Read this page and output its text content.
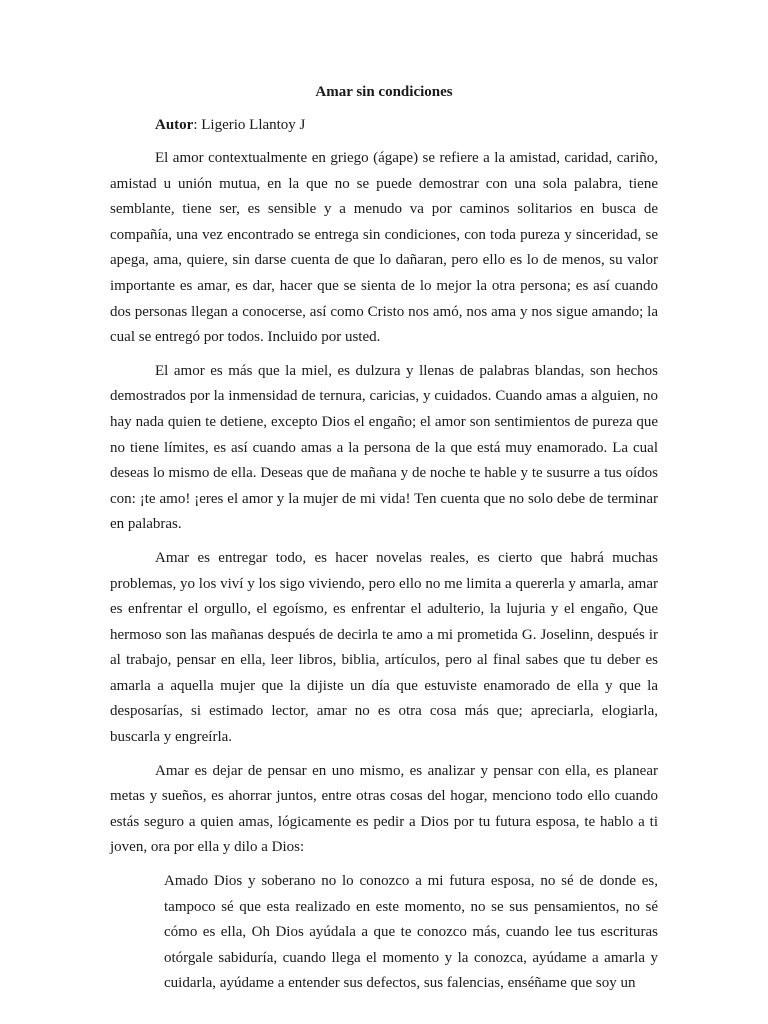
Amar sin condiciones

Autor: Ligerio Llantoy J

El amor contextualmente en griego (ágape) se refiere a la amistad, caridad, cariño, amistad u unión mutua, en la que no se puede demostrar con una sola palabra, tiene semblante, tiene ser, es sensible y a menudo va por caminos solitarios en busca de compañía, una vez encontrado se entrega sin condiciones, con toda pureza y sinceridad, se apega, ama, quiere, sin darse cuenta de que lo dañaran, pero ello es lo de menos, su valor importante es amar, es dar, hacer que se sienta de lo mejor la otra persona; es así cuando dos personas llegan a conocerse, así como Cristo nos amó, nos ama y nos sigue amando; la cual se entregó por todos. Incluido por usted.

El amor es más que la miel, es dulzura y llenas de palabras blandas, son hechos demostrados por la inmensidad de ternura, caricias, y cuidados. Cuando amas a alguien, no hay nada quien te detiene, excepto Dios el engaño; el amor son sentimientos de pureza que no tiene límites, es así cuando amas a la persona de la que está muy enamorado. La cual deseas lo mismo de ella. Deseas que de mañana y de noche te hable y te susurre a tus oídos con: ¡te amo! ¡eres el amor y la mujer de mi vida! Ten cuenta que no solo debe de terminar en palabras.

Amar es entregar todo, es hacer novelas reales, es cierto que habrá muchas problemas, yo los viví y los sigo viviendo, pero ello no me limita a quererla y amarla, amar es enfrentar el orgullo, el egoísmo, es enfrentar el adulterio, la lujuria y el engaño, Que hermoso son las mañanas después de decirla te amo a mi prometida G. Joselinn, después ir al trabajo, pensar en ella, leer libros, biblia, artículos, pero al final sabes que tu deber es amarla a aquella mujer que la dijiste un día que estuviste enamorado de ella y que la desposarías, si estimado lector, amar no es otra cosa más que; apreciarla, elogiarla, buscarla y engreírla.

Amar es dejar de pensar en uno mismo, es analizar y pensar con ella, es planear metas y sueños, es ahorrar juntos, entre otras cosas del hogar, menciono todo ello cuando estás seguro a quien amas, lógicamente es pedir a Dios por tu futura esposa, te hablo a ti joven, ora por ella y dilo a Dios:

Amado Dios y soberano no lo conozco a mi futura esposa, no sé de donde es, tampoco sé que esta realizado en este momento, no se sus pensamientos, no sé cómo es ella, Oh Dios ayúdala a que te conozco más, cuando lee tus escrituras otórgale sabiduría, cuando llega el momento y la conozca, ayúdame a amarla y cuidarla, ayúdame a entender sus defectos, sus falencias, enséñame que soy un
